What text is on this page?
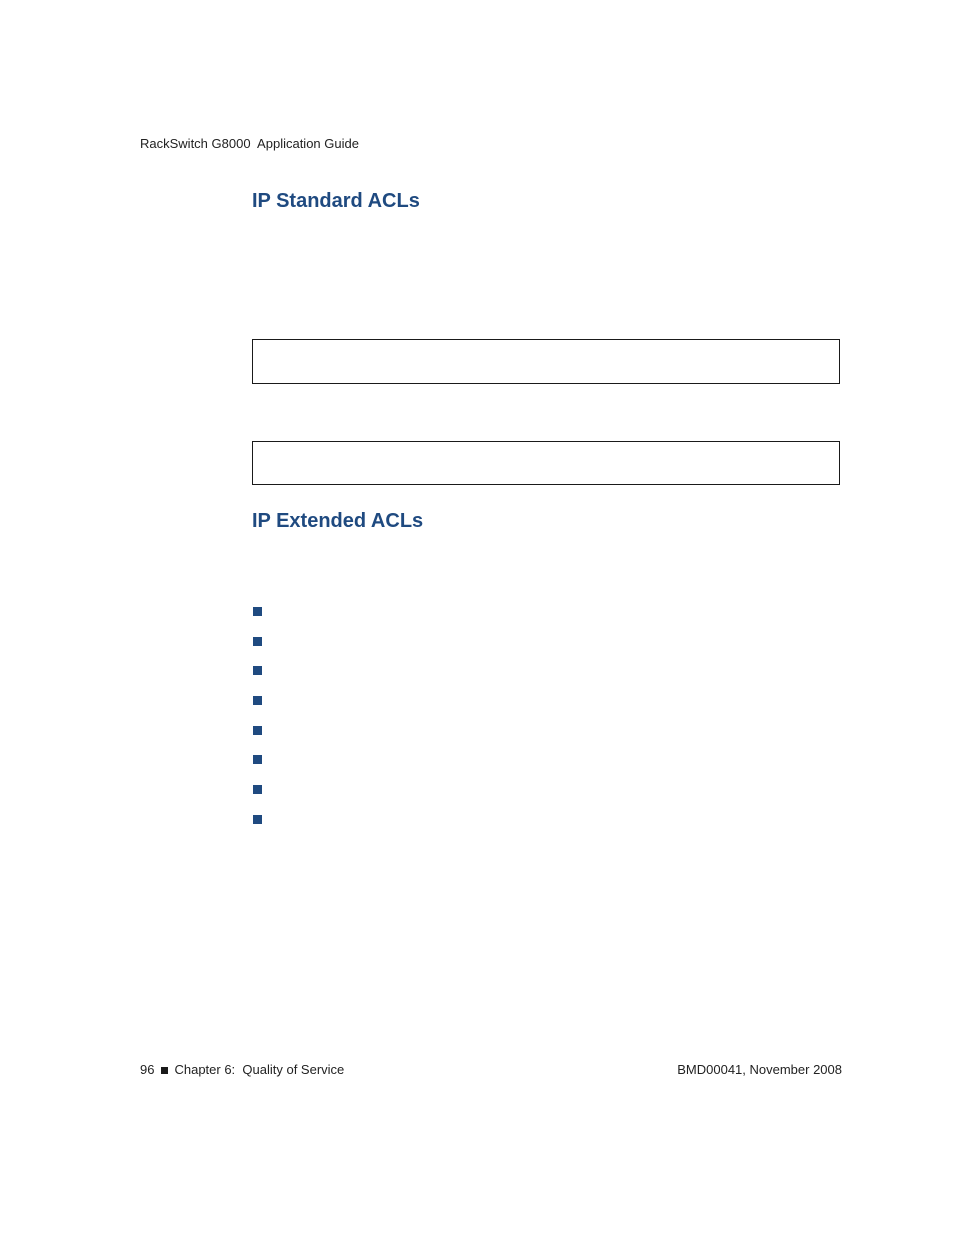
RackSwitch G8000  Application Guide
IP Standard ACLs
IP Extended ACLs
96 Chapter 6:  Quality of Service	BMD00041, November 2008
